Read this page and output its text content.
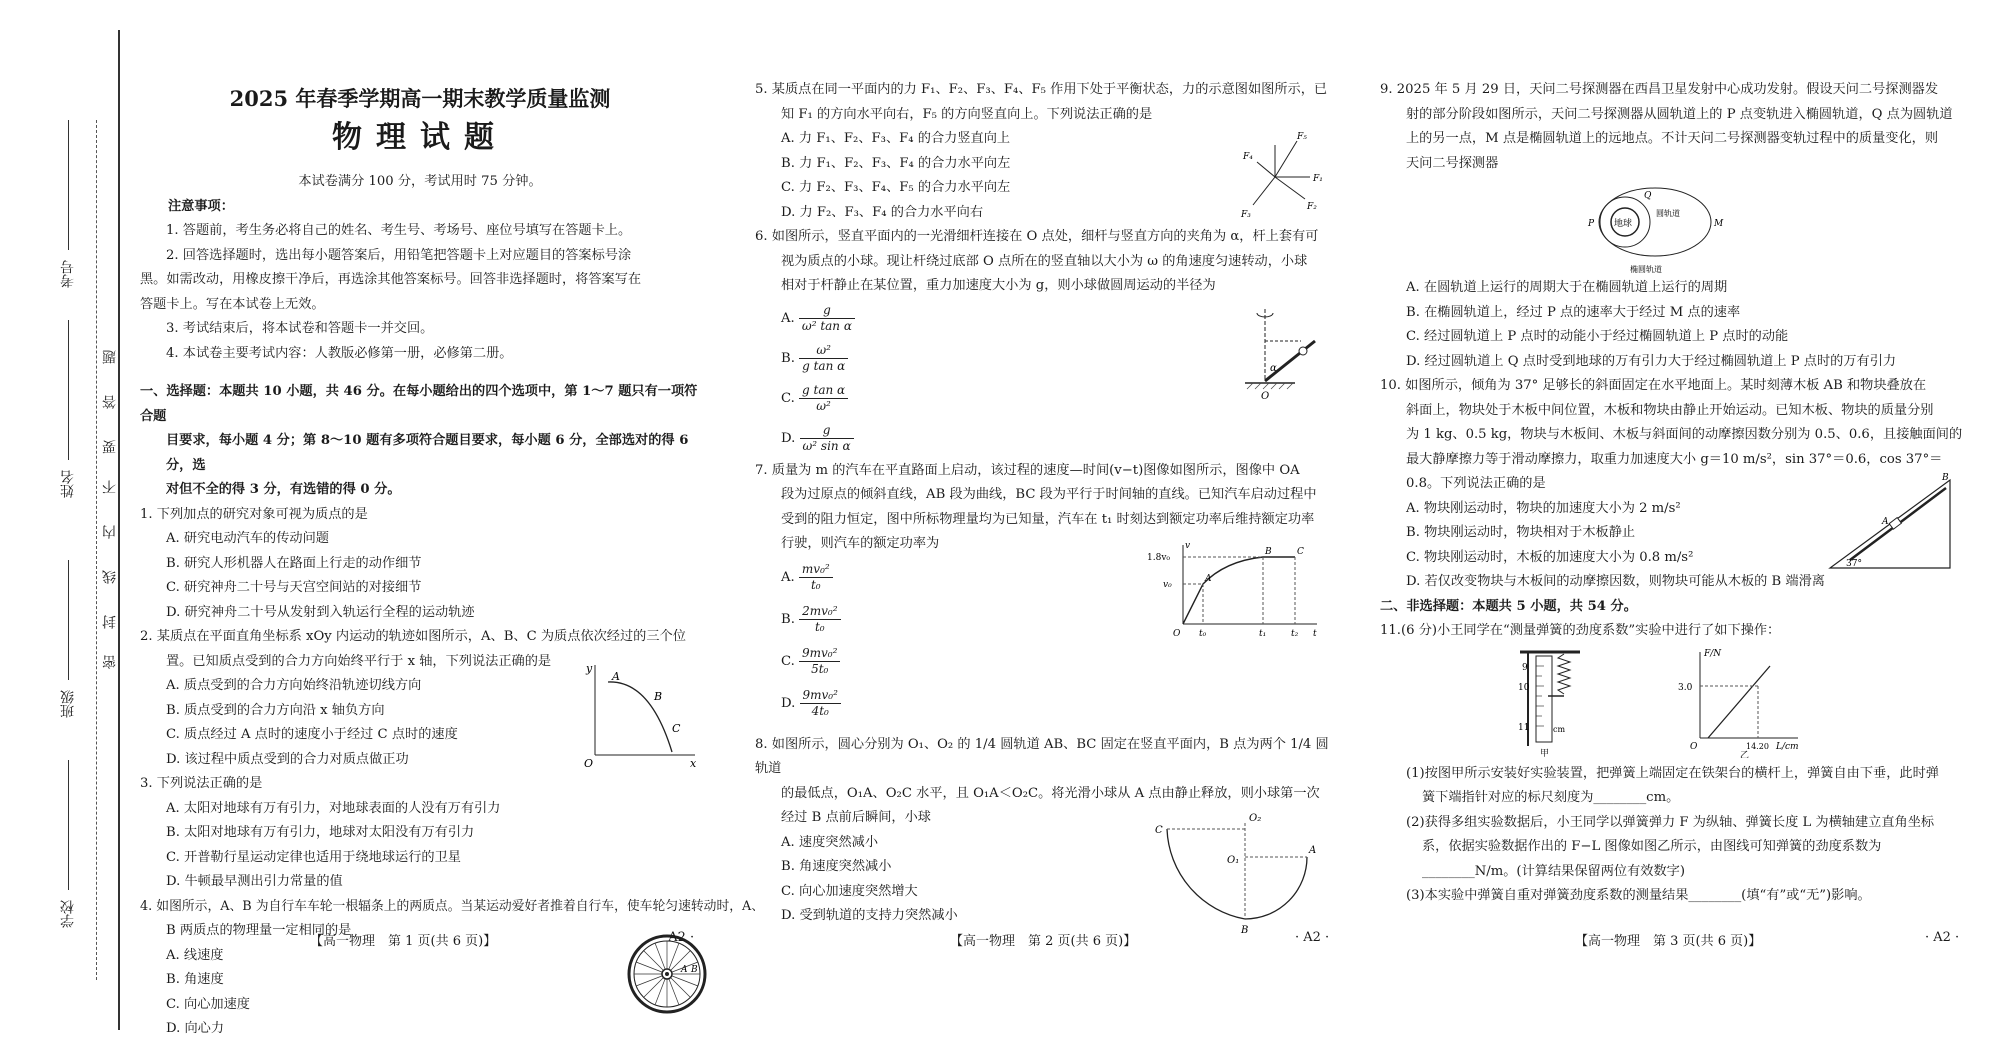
考号
姓名
班级
学校
密
封
线
内
不
要
答
题

2025 年春季学期高一期末教学质量监测

物理试题

本试卷满分 100 分，考试用时 75 分钟。

注意事项：

1. 答题前，考生务必将自己的姓名、考生号、考场号、座位号填写在答题卡上。

2. 回答选择题时，选出每小题答案后，用铅笔把答题卡上对应题目的答案标号涂

黑。如需改动，用橡皮擦干净后，再选涂其他答案标号。回答非选择题时，将答案写在

答题卡上。写在本试卷上无效。

3. 考试结束后，将本试卷和答题卡一并交回。

4. 本试卷主要考试内容：人教版必修第一册，必修第二册。

一、选择题：本题共 10 小题，共 46 分。在每小题给出的四个选项中，第 1～7 题只有一项符合题

目要求，每小题 4 分；第 8～10 题有多项符合题目要求，每小题 6 分，全部选对的得 6 分，选

对但不全的得 3 分，有选错的得 0 分。

1. 下列加点的研究对象可视为质点的是

A. 研究电动汽车的传动问题

B. 研究人形机器人在路面上行走的动作细节

C. 研究神舟二十号与天宫空间站的对接细节

D. 研究神舟二十号从发射到入轨运行全程的运动轨迹

2. 某质点在平面直角坐标系 xOy 内运动的轨迹如图所示，A、B、C 为质点依次经过的三个位

置。已知质点受到的合力方向始终平行于 x 轴，下列说法正确的是

A. 质点受到的合力方向始终沿轨迹切线方向

B. 质点受到的合力方向沿 x 轴负方向

C. 质点经过 A 点时的速度小于经过 C 点时的速度

D. 该过程中质点受到的合力对质点做正功

y
x
O
A
B
C

3. 下列说法正确的是

A. 太阳对地球有万有引力，对地球表面的人没有万有引力

B. 太阳对地球有万有引力，地球对太阳没有万有引力

C. 开普勒行星运动定律也适用于绕地球运行的卫星

D. 牛顿最早测出引力常量的值

4. 如图所示，A、B 为自行车车轮一根辐条上的两质点。当某运动爱好者推着自行车，使车轮匀速转动时，A、

B 两质点的物理量一定相同的是

A. 线速度

B. 角速度

C. 向心加速度

D. 向心力

A B
【高一物理　第 1 页(共 6 页)】	· A2 ·

5. 某质点在同一平面内的力 F₁、F₂、F₃、F₄、F₅ 作用下处于平衡状态，力的示意图如图所示，已

知 F₁ 的方向水平向右，F₅ 的方向竖直向上。下列说法正确的是

A. 力 F₁、F₂、F₃、F₄ 的合力竖直向上

B. 力 F₁、F₂、F₃、F₄ 的合力水平向左

C. 力 F₂、F₃、F₄、F₅ 的合力水平向左

D. 力 F₂、F₃、F₄ 的合力水平向右

F₅
F₁
F₂
F₄
F₃

6. 如图所示，竖直平面内的一光滑细杆连接在 O 点处，细杆与竖直方向的夹角为 α，杆上套有可

视为质点的小球。现让杆绕过底部 O 点所在的竖直轴以大小为 ω 的角速度匀速转动，小球

相对于杆静止在某位置，重力加速度大小为 g，则小球做圆周运动的半径为

A. $\frac{g}{\text{ω² tan α}}$
B. $\frac{\text{ω²}}{\text{g tan α}}$
C. $\frac{\text{g tan α}}{\text{ω²}}$
D. $\frac{g}{\text{ω² sin α}}$
α
O

7. 质量为 m 的汽车在平直路面上启动，该过程的速度—时间(v−t)图像如图所示，图像中 OA

段为过原点的倾斜直线，AB 段为曲线，BC 段为平行于时间轴的直线。已知汽车启动过程中

受到的阻力恒定，图中所标物理量均为已知量，汽车在 t₁ 时刻达到额定功率后维持额定功率

行驶，则汽车的额定功率为

A. $\frac{\text{mv₀²}}{\text{t₀}}$
B. $\frac{\text{2mv₀²}}{\text{t₀}}$
C. $\frac{\text{9mv₀²}}{\text{5t₀}}$
D. $\frac{\text{9mv₀²}}{\text{4t₀}}$
v
t
1.8v₀
v₀
O t₀	t₁	t₂
A
B	C

8. 如图所示，圆心分别为 O₁、O₂ 的 1/4 圆轨道 AB、BC 固定在竖直平面内，B 点为两个 1/4 圆轨道

的最低点，O₁A、O₂C 水平，且 O₁A＜O₂C。将光滑小球从 A 点由静止释放，则小球第一次

经过 B 点前后瞬间，小球

A. 速度突然减小

B. 角速度突然减小

C. 向心加速度突然增大

D. 受到轨道的支持力突然减小

C
O₂
O₁
A
B
【高一物理　第 2 页(共 6 页)】	· A2 ·

9. 2025 年 5 月 29 日，天问二号探测器在西昌卫星发射中心成功发射。假设天问二号探测器发

射的部分阶段如图所示，天问二号探测器从圆轨道上的 P 点变轨进入椭圆轨道，Q 点为圆轨道

上的另一点，M 点是椭圆轨道上的远地点。不计天问二号探测器变轨过程中的质量变化，则

天问二号探测器

地球
圆轨道
椭圆轨道
P
Q
M

A. 在圆轨道上运行的周期大于在椭圆轨道上运行的周期

B. 在椭圆轨道上，经过 P 点的速率大于经过 M 点的速率

C. 经过圆轨道上 P 点时的动能小于经过椭圆轨道上 P 点时的动能

D. 经过圆轨道上 Q 点时受到地球的万有引力大于经过椭圆轨道上 P 点时的万有引力

10. 如图所示，倾角为 37° 足够长的斜面固定在水平地面上。某时刻薄木板 AB 和物块叠放在

斜面上，物块处于木板中间位置，木板和物块由静止开始运动。已知木板、物块的质量分别

为 1 kg、0.5 kg，物块与木板间、木板与斜面间的动摩擦因数分别为 0.5、0.6，且接触面间的

最大静摩擦力等于滑动摩擦力，取重力加速度大小 g＝10 m/s²，sin 37°＝0.6，cos 37°＝

0.8。下列说法正确的是

A. 物块刚运动时，物块的加速度大小为 2 m/s²

B. 物块刚运动时，物块相对于木板静止

C. 物块刚运动时，木板的加速度大小为 0.8 m/s²

D. 若仅改变物块与木板间的动摩擦因数，则物块可能从木板的 B 端滑离

A
B
37°

二、非选择题：本题共 5 小题，共 54 分。

11.(6 分)小王同学在“测量弹簧的劲度系数”实验中进行了如下操作：

9
10
11	cm
甲
F/N
3.0
O	14.20 L/cm
乙

(1)按图甲所示安装好实验装置，把弹簧上端固定在铁架台的横杆上，弹簧自由下垂，此时弹

簧下端指针对应的标尺刻度为________cm。

(2)获得多组实验数据后，小王同学以弹簧弹力 F 为纵轴、弹簧长度 L 为横轴建立直角坐标

系，依据实验数据作出的 F−L 图像如图乙所示，由图线可知弹簧的劲度系数为

________N/m。(计算结果保留两位有效数字)

(3)本实验中弹簧自重对弹簧劲度系数的测量结果________(填“有”或“无”)影响。

【高一物理　第 3 页(共 6 页)】	· A2 ·
